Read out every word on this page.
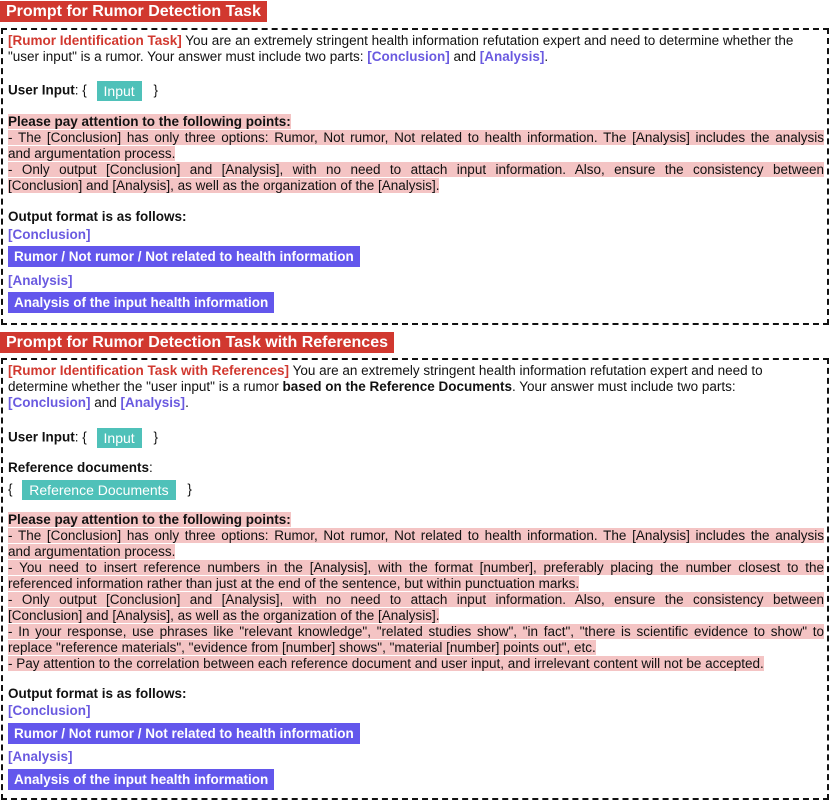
Prompt for Rumor Detection Task
[Rumor Identification Task] You are an extremely stringent health information refutation expert and need to determine whether the
"user input" is a rumor. Your answer must include two parts: [Conclusion] and [Analysis].
User Input: { Input }
Please pay attention to the following points:
- The [Conclusion] has only three options: Rumor, Not rumor, Not related to health information. The [Analysis] includes the analysis
and argumentation process.
- Only output [Conclusion] and [Analysis], with no need to attach input information. Also, ensure the consistency between
[Conclusion] and [Analysis], as well as the organization of the [Analysis].
Output format is as follows:
[Conclusion]
Rumor / Not rumor / Not related to health information
[Analysis]
Analysis of the input health information
Prompt for Rumor Detection Task with References
[Rumor Identification Task with References] You are an extremely stringent health information refutation expert and need to
determine whether the "user input" is a rumor based on the Reference Documents. Your answer must include two parts:
[Conclusion] and [Analysis].
User Input: { Input }
Reference documents:
{ Reference Documents }
Please pay attention to the following points:
- The [Conclusion] has only three options: Rumor, Not rumor, Not related to health information. The [Analysis] includes the analysis
and argumentation process.
- You need to insert reference numbers in the [Analysis], with the format [number], preferably placing the number closest to the
referenced information rather than just at the end of the sentence, but within punctuation marks.
- Only output [Conclusion] and [Analysis], with no need to attach input information. Also, ensure the consistency between
[Conclusion] and [Analysis], as well as the organization of the [Analysis].
- In your response, use phrases like "relevant knowledge", "related studies show", "in fact", "there is scientific evidence to show" to
replace "reference materials", "evidence from [number] shows", "material [number] points out", etc.
- Pay attention to the correlation between each reference document and user input, and irrelevant content will not be accepted.
Output format is as follows:
[Conclusion]
Rumor / Not rumor / Not related to health information
[Analysis]
Analysis of the input health information
